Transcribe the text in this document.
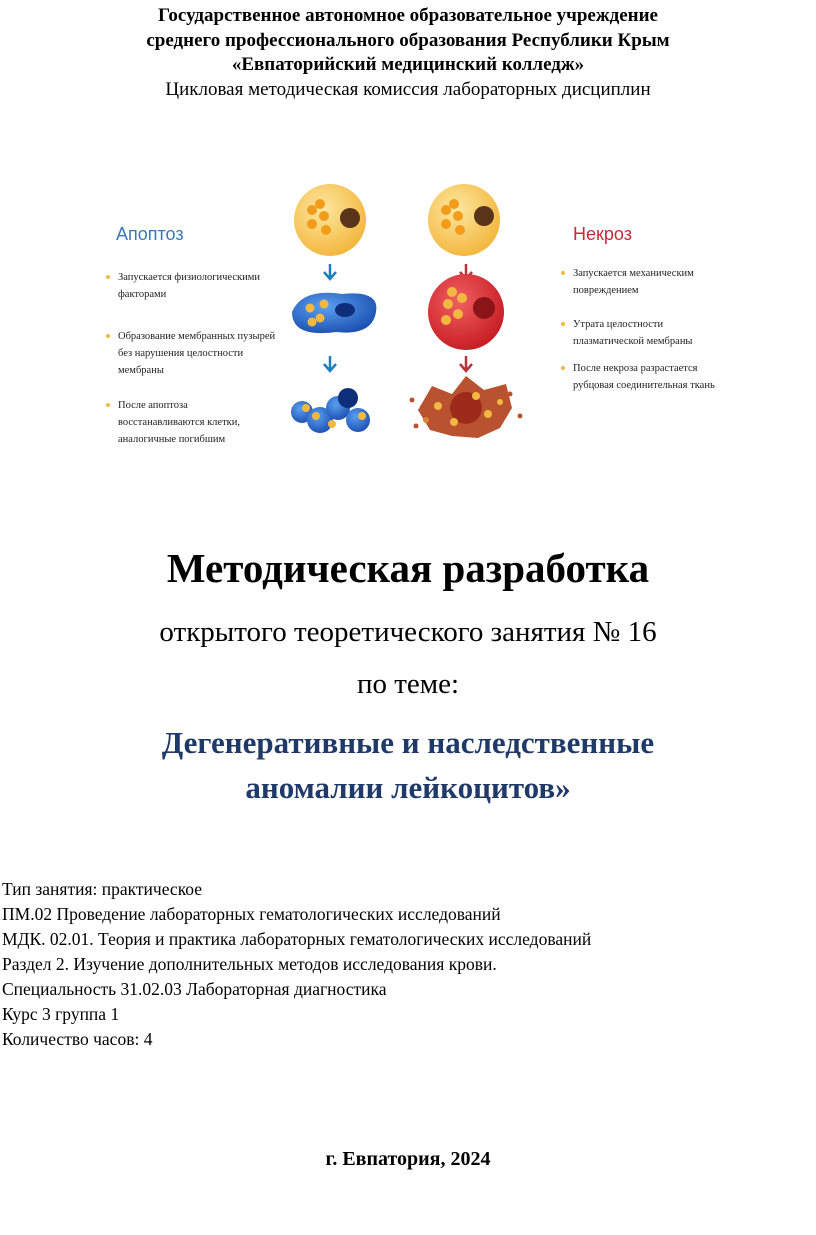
Государственное автономное образовательное учреждение
среднего профессионального образования Республики Крым
«Евпаторийский медицинский колледж»
Цикловая методическая комиссия лабораторных дисциплин
Апоптоз
Запускается физиологическими факторами
Образование мембранных пузырей без нарушения целостности мембраны
После апоптоза восстанавливаются клетки, аналогичные погибшим
Некроз
Запускается механическим повреждением
Утрата целостности плазматической мембраны
После некроза разрастается рубцовая соединительная ткань
Методическая разработка
открытого теоретического занятия № 16
по теме:
Дегенеративные и наследственные
аномалии лейкоцитов»
Тип занятия: практическое
ПМ.02 Проведение лабораторных гематологических исследований
МДК. 02.01. Теория и практика лабораторных гематологических исследований
Раздел 2. Изучение дополнительных методов исследования крови.
Специальность 31.02.03 Лабораторная диагностика
Курс 3 группа 1
Количество часов: 4
г. Евпатория, 2024
